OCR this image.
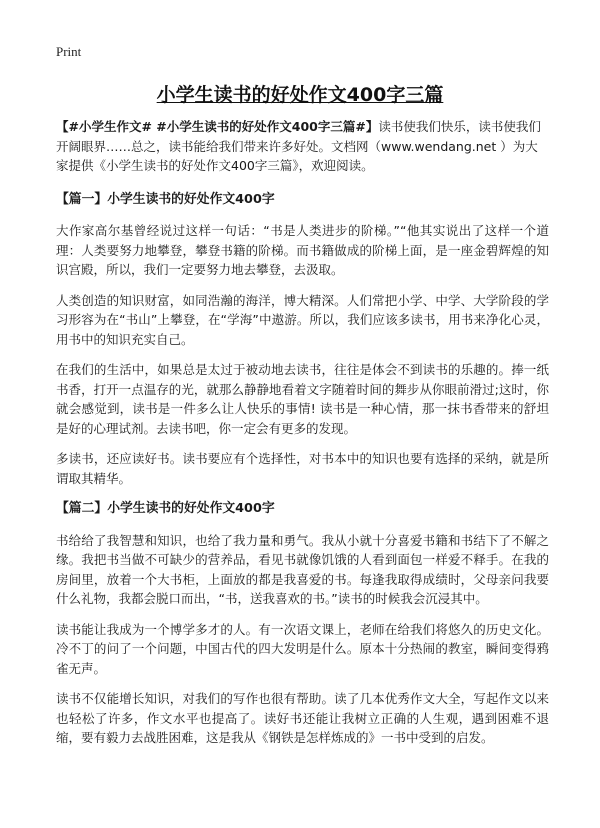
Print
小学生读书的好处作文400字三篇

【#小学生作文# #小学生读书的好处作文400字三篇#】读书使我们快乐，读书使我们开阔眼界……总之，读书能给我们带来许多好处。文档网（www.wendang.net ）为大家提供《小学生读书的好处作文400字三篇》，欢迎阅读。

【篇一】小学生读书的好处作文400字

大作家高尔基曾经说过这样一句话：“书是人类进步的阶梯。”“他其实说出了这样一个道理：人类要努力地攀登，攀登书籍的阶梯。而书籍做成的阶梯上面，是一座金碧辉煌的知识宫殿，所以，我们一定要努力地去攀登，去汲取。

人类创造的知识财富，如同浩瀚的海洋，博大精深。人们常把小学、中学、大学阶段的学习形容为在“书山”上攀登，在“学海”中遨游。所以，我们应该多读书，用书来净化心灵，用书中的知识充实自己。

在我们的生活中，如果总是太过于被动地去读书，往往是体会不到读书的乐趣的。捧一纸书香，打开一点温存的光，就那么静静地看着文字随着时间的舞步从你眼前滑过;这时，你就会感觉到，读书是一件多么让人快乐的事情! 读书是一种心情，那一抹书香带来的舒坦是好的心理试剂。去读书吧，你一定会有更多的发现。

多读书，还应读好书。读书要应有个选择性，对书本中的知识也要有选择的采纳，就是所谓取其精华。

【篇二】小学生读书的好处作文400字

书给给了我智慧和知识，也给了我力量和勇气。我从小就十分喜爱书籍和书结下了不解之缘。我把书当做不可缺少的营养品，看见书就像饥饿的人看到面包一样爱不释手。在我的房间里，放着一个大书柜，上面放的都是我喜爱的书。每逢我取得成绩时，父母亲问我要什么礼物，我都会脱口而出，“书，送我喜欢的书。”读书的时候我会沉浸其中。

读书能让我成为一个博学多才的人。有一次语文课上，老师在给我们将悠久的历史文化。冷不丁的问了一个问题，中国古代的四大发明是什么。原本十分热闹的教室，瞬间变得鸦雀无声。

读书不仅能增长知识，对我们的写作也很有帮助。读了几本优秀作文大全，写起作文以来也轻松了许多，作文水平也提高了。读好书还能让我树立正确的人生观，遇到困难不退缩，要有毅力去战胜困难，这是我从《钢铁是怎样炼成的》一书中受到的启发。
